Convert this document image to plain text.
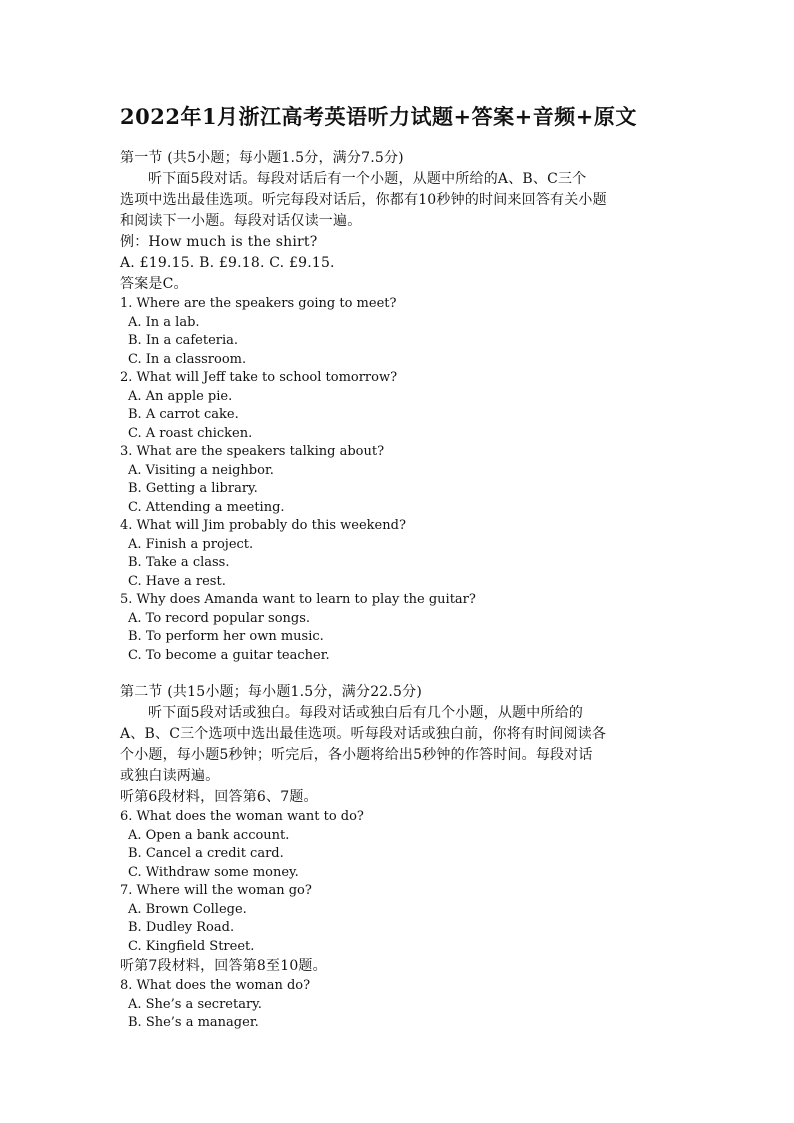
2022年1月浙江高考英语听力试题+答案+音频+原文
第一节 (共5小题；每小题1.5分，满分7.5分)
听下面5段对话。每段对话后有一个小题，从题中所给的A、B、C三个
选项中选出最佳选项。听完每段对话后，你都有10秒钟的时间来回答有关小题
和阅读下一小题。每段对话仅读一遍。
例：How much is the shirt?
A. £19.15. B. £9.18. C. £9.15.
答案是C。
1. Where are the speakers going to meet?
A. In a lab.
B. In a cafeteria.
C. In a classroom.
2. What will Jeff take to school tomorrow?
A. An apple pie.
B. A carrot cake.
C. A roast chicken.
3. What are the speakers talking about?
A. Visiting a neighbor.
B. Getting a library.
C. Attending a meeting.
4. What will Jim probably do this weekend?
A. Finish a project.
B. Take a class.
C. Have a rest.
5. Why does Amanda want to learn to play the guitar?
A. To record popular songs.
B. To perform her own music.
C. To become a guitar teacher.
第二节 (共15小题；每小题1.5分，满分22.5分)
听下面5段对话或独白。每段对话或独白后有几个小题，从题中所给的
A、B、C三个选项中选出最佳选项。听每段对话或独白前，你将有时间阅读各
个小题，每小题5秒钟；听完后，各小题将给出5秒钟的作答时间。每段对话
或独白读两遍。
听第6段材料，回答第6、7题。
6. What does the woman want to do?
A. Open a bank account.
B. Cancel a credit card.
C. Withdraw some money.
7. Where will the woman go?
A. Brown College.
B. Dudley Road.
C. Kingfield Street.
听第7段材料，回答第8至10题。
8. What does the woman do?
A. She’s a secretary.
B. She’s a manager.
